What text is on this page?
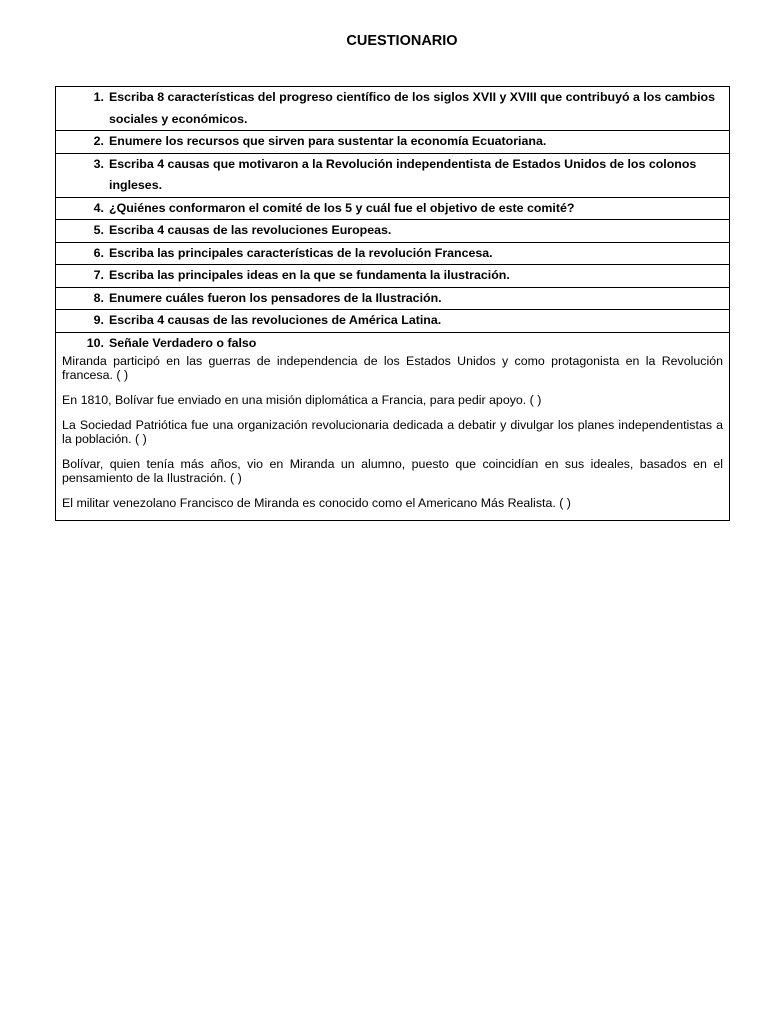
CUESTIONARIO
1. Escriba 8 características del progreso científico de los siglos XVII y XVIII que contribuyó a los cambios sociales y económicos.
2. Enumere los recursos que sirven para sustentar la economía Ecuatoriana.
3. Escriba 4 causas que motivaron a la Revolución independentista de Estados Unidos de los colonos ingleses.
4. ¿Quiénes conformaron el comité de los 5 y cuál fue el objetivo de este comité?
5. Escriba 4 causas de las revoluciones Europeas.
6. Escriba las principales características de la revolución Francesa.
7. Escriba las principales ideas en la que se fundamenta la ilustración.
8. Enumere cuáles fueron los pensadores de la Ilustración.
9. Escriba 4 causas de las revoluciones de América Latina.
10. Señale Verdadero o falso

Miranda participó en las guerras de independencia de los Estados Unidos y como protagonista en la Revolución francesa. ( )

En 1810, Bolívar fue enviado en una misión diplomática a Francia, para pedir apoyo. ( )

La Sociedad Patriótica fue una organización revolucionaria dedicada a debatir y divulgar los planes independentistas a la población. ( )

Bolívar, quien tenía más años, vio en Miranda un alumno, puesto que coincidían en sus ideales, basados en el pensamiento de la Ilustración. ( )

El militar venezolano Francisco de Miranda es conocido como el Americano Más Realista. ( )
